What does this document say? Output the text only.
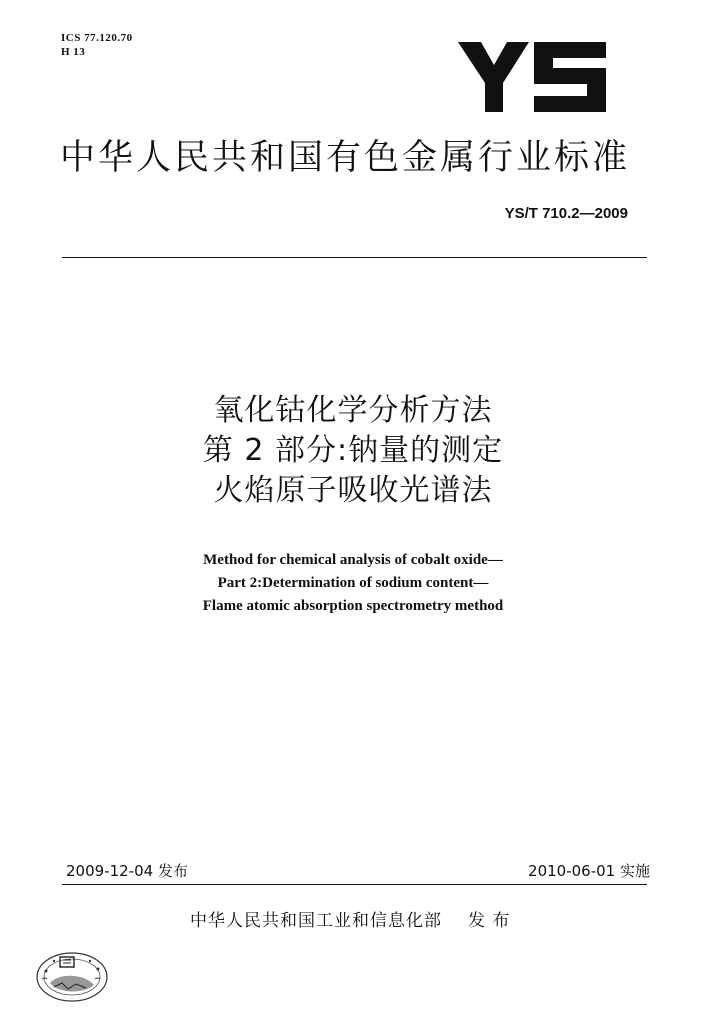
ICS 77.120.70
H 13
中华人民共和国有色金属行业标准
YS/T 710.2—2009
氧化钴化学分析方法
第 2 部分:钠量的测定
火焰原子吸收光谱法
Method for chemical analysis of cobalt oxide—
Part 2:Determination of sodium content—
Flame atomic absorption spectrometry method
2009-12-04 发布	2010-06-01 实施
中华人民共和国工业和信息化部 发 布
